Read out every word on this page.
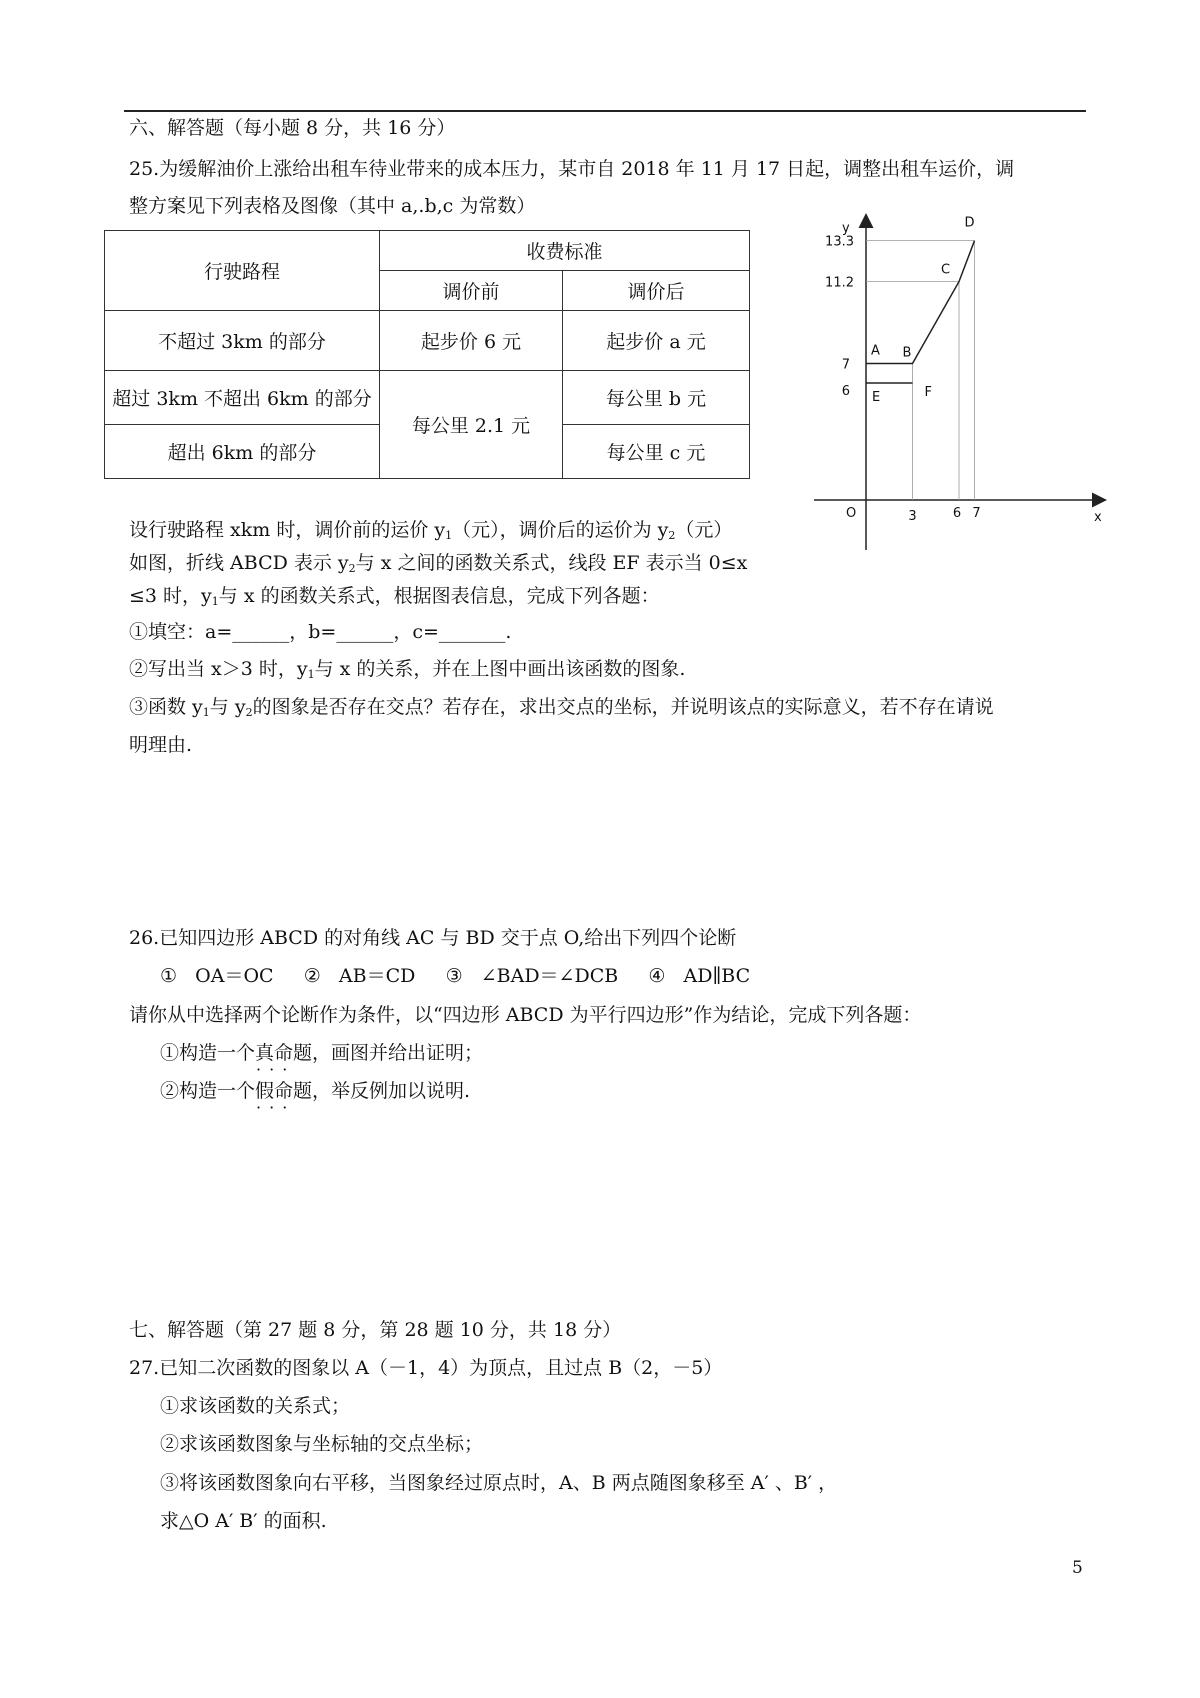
六、解答题（每小题 8 分，共 16 分）
25.为缓解油价上涨给出租车待业带来的成本压力，某市自 2018 年 11 月 17 日起，调整出租车运价，调
整方案见下列表格及图像（其中 a,.b,c 为常数）
行驶路程	收费标准	
	调价前	调价后
不超过 3km 的部分	起步价 6 元	起步价 a 元
超过 3km 不超出 6km 的部分	每公里 2.1 元	每公里 b 元
超出 6km 的部分		每公里 c 元
y
x
O
13.3
11.2
7
6
3	6 7
A B
C
D
E	F
设行驶路程 xkm 时，调价前的运价 $y_1$（元），调价后的运价为 $y_2$（元）
如图，折线 ABCD 表示 $y_2$与 x 之间的函数关系式，线段 EF 表示当 0≤x
≤3 时，$y_1$与 x 的函数关系式，根据图表信息，完成下列各题：
①填空：a=______，b=______，c=_______.
②写出当 x＞3 时，$y_1$与 x 的关系，并在上图中画出该函数的图象.
③函数 $y_1$与 $y_2$的图象是否存在交点？若存在，求出交点的坐标，并说明该点的实际意义，若不存在请说
明理由.
26.已知四边形 ABCD 的对角线 AC 与 BD 交于点 O,给出下列四个论断
①   OA＝OC     ②   AB＝CD     ③   ∠BAD＝∠DCB     ④   AD∥BC
请你从中选择两个论断作为条件，以“四边形 ABCD 为平行四边形”作为结论，完成下列各题：
①构造一个真命题 · · ·，画图并给出证明；
②构造一个假命题 · · ·，举反例加以说明.
七、解答题（第 27 题 8 分，第 28 题 10 分，共 18 分）
27.已知二次函数的图象以 A（－1，4）为顶点，且过点 B（2，－5）
①求该函数的关系式；
②求该函数图象与坐标轴的交点坐标；
③将该函数图象向右平移，当图象经过原点时，A、B 两点随图象移至 A′ 、B′ ，
求△O A′ B′ 的面积.
5
